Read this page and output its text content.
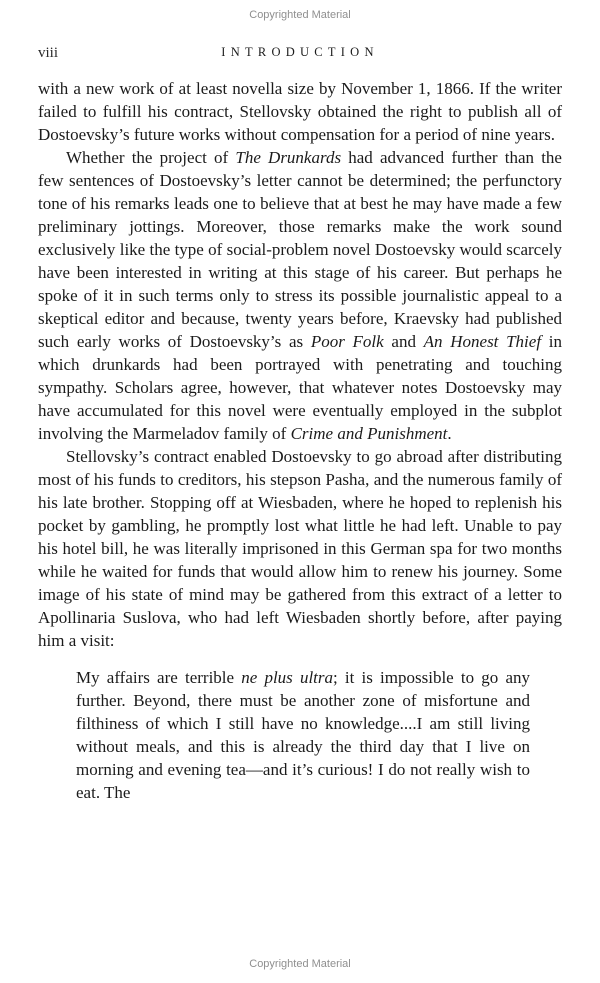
Copyrighted Material
viii	INTRODUCTION

with a new work of at least novella size by November 1, 1866. If the writer failed to fulfill his contract, Stellovsky obtained the right to publish all of Dostoevsky’s future works without compensation for a period of nine years.

Whether the project of The Drunkards had advanced further than the few sentences of Dostoevsky’s letter cannot be determined; the perfunctory tone of his remarks leads one to believe that at best he may have made a few preliminary jottings. Moreover, those remarks make the work sound exclusively like the type of social-problem novel Dostoevsky would scarcely have been interested in writing at this stage of his career. But perhaps he spoke of it in such terms only to stress its possible journalistic appeal to a skeptical editor and because, twenty years before, Kraevsky had published such early works of Dostoevsky’s as Poor Folk and An Honest Thief in which drunkards had been portrayed with penetrating and touching sympathy. Scholars agree, however, that whatever notes Dostoevsky may have accumulated for this novel were eventually employed in the subplot involving the Marmeladov family of Crime and Punishment.

Stellovsky’s contract enabled Dostoevsky to go abroad after distributing most of his funds to creditors, his stepson Pasha, and the numerous family of his late brother. Stopping off at Wiesbaden, where he hoped to replenish his pocket by gambling, he promptly lost what little he had left. Unable to pay his hotel bill, he was literally imprisoned in this German spa for two months while he waited for funds that would allow him to renew his journey. Some image of his state of mind may be gathered from this extract of a letter to Apollinaria Suslova, who had left Wiesbaden shortly before, after paying him a visit:

My affairs are terrible ne plus ultra; it is impossible to go any further. Beyond, there must be another zone of misfortune and filthiness of which I still have no knowledge....I am still living without meals, and this is already the third day that I live on morning and evening tea—and it’s curious! I do not really wish to eat. The

Copyrighted Material
